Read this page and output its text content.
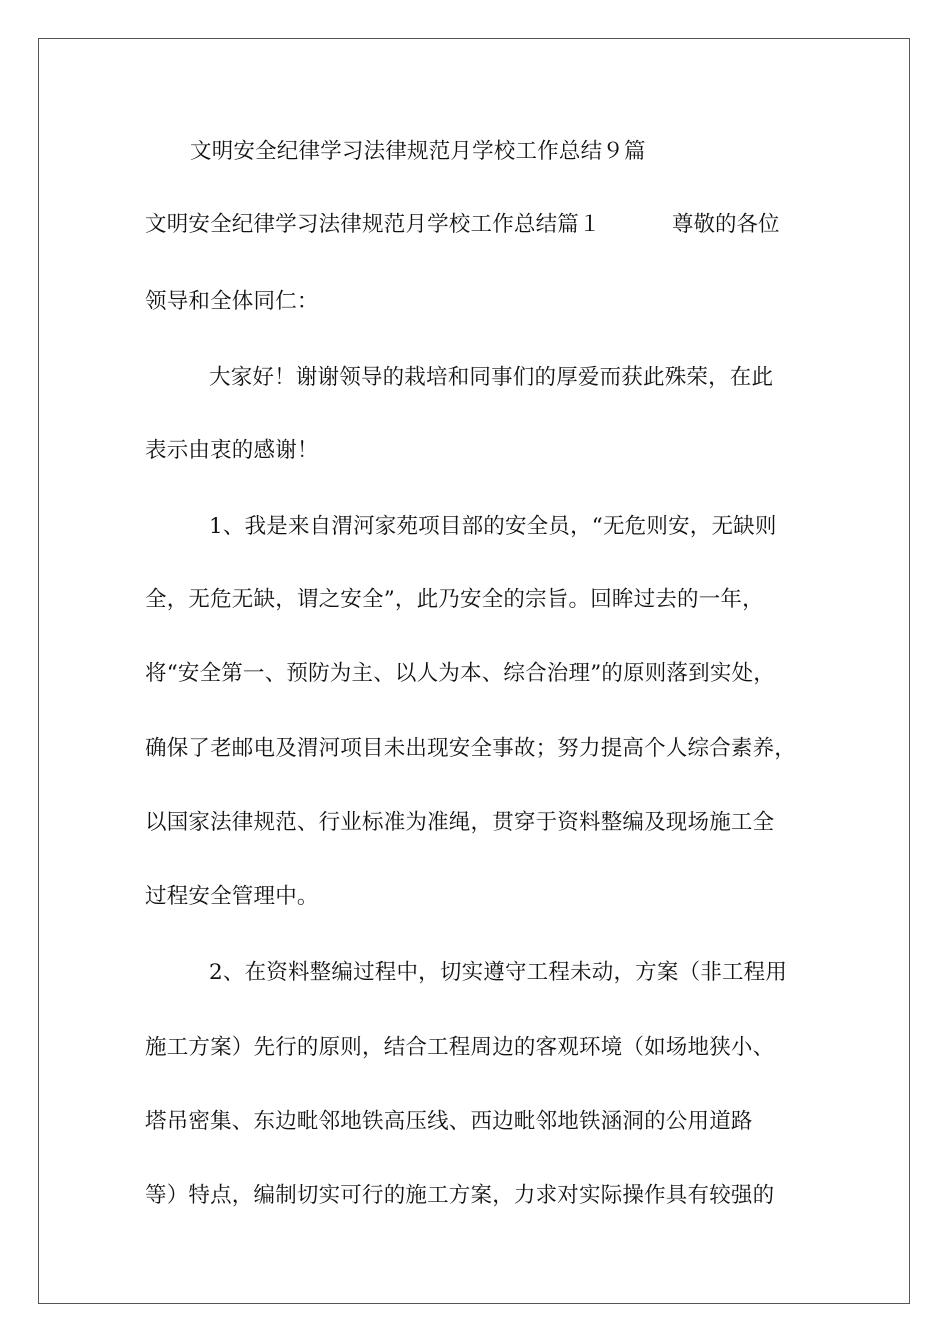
文明安全纪律学习法律规范月学校工作总结９篇
文明安全纪律学习法律规范月学校工作总结篇１	尊敬的各位
领导和全体同仁：
大家好！谢谢领导的栽培和同事们的厚爱而获此殊荣，在此
表示由衷的感谢！
1、我是来自渭河家苑项目部的安全员，“无危则安，无缺则
全，无危无缺，谓之安全”，此乃安全的宗旨。回眸过去的一年，
将“安全第一、预防为主、以人为本、综合治理”的原则落到实处，
确保了老邮电及渭河项目未出现安全事故；努力提高个人综合素养，
以国家法律规范、行业标准为准绳，贯穿于资料整编及现场施工全
过程安全管理中。
2、在资料整编过程中，切实遵守工程未动，方案（非工程用
施工方案）先行的原则，结合工程周边的客观环境（如场地狭小、
塔吊密集、东边毗邻地铁高压线、西边毗邻地铁涵洞的公用道路
等）特点，编制切实可行的施工方案，力求对实际操作具有较强的
